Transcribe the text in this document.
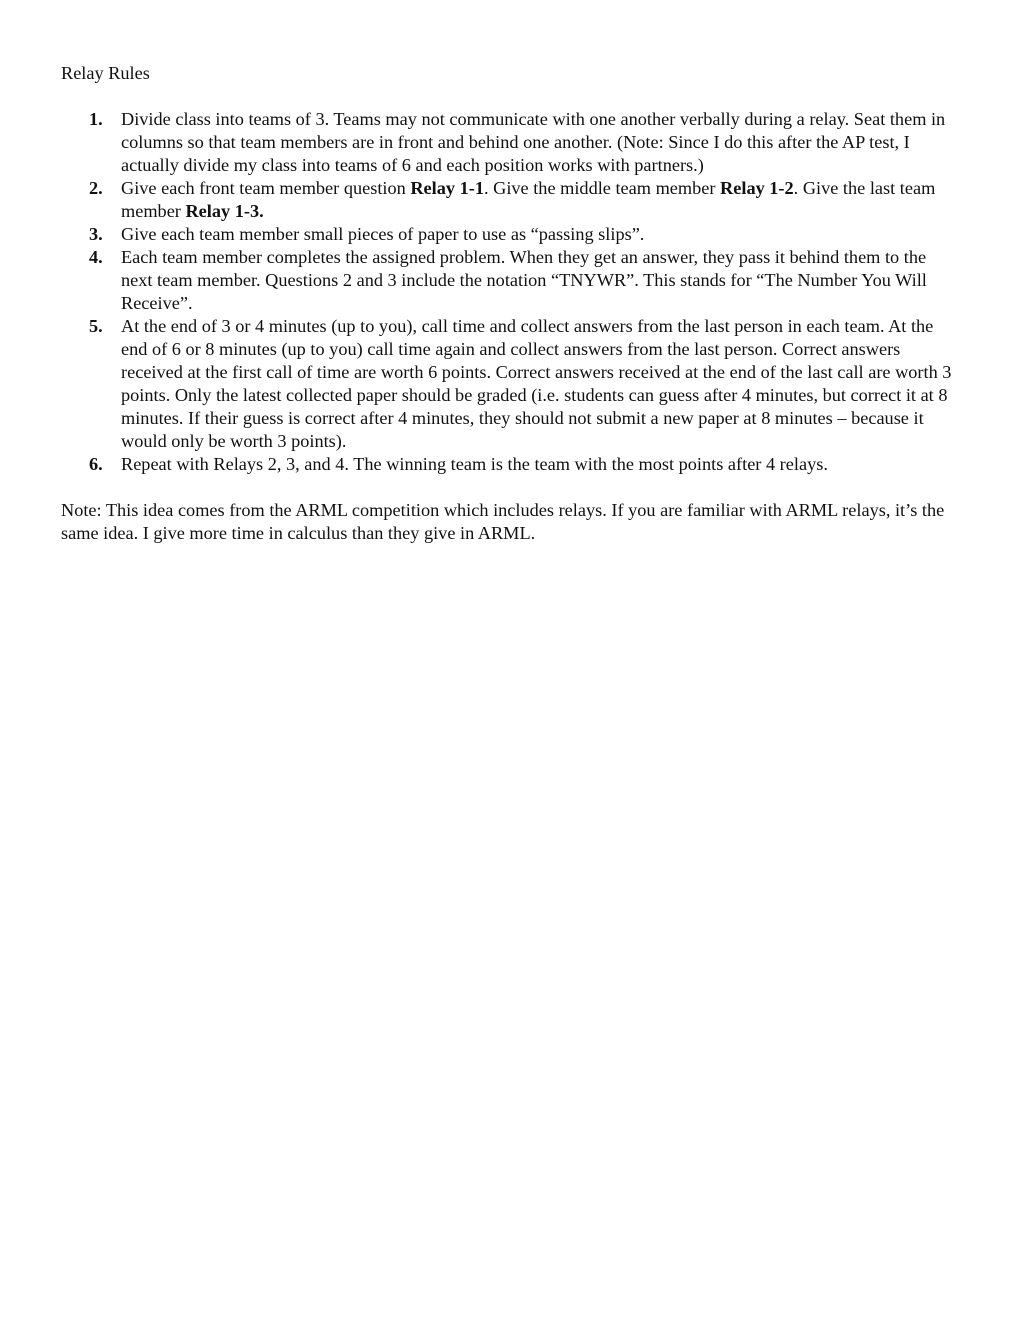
Relay Rules

1. Divide class into teams of 3. Teams may not communicate with one another verbally during a relay. Seat them in columns so that team members are in front and behind one another. (Note: Since I do this after the AP test, I actually divide my class into teams of 6 and each position works with partners.)
2. Give each front team member question Relay 1-1. Give the middle team member Relay 1-2. Give the last team member Relay 1-3.
3. Give each team member small pieces of paper to use as “passing slips”.
4. Each team member completes the assigned problem. When they get an answer, they pass it behind them to the next team member. Questions 2 and 3 include the notation “TNYWR”. This stands for “The Number You Will Receive”.
5. At the end of 3 or 4 minutes (up to you), call time and collect answers from the last person in each team. At the end of 6 or 8 minutes (up to you) call time again and collect answers from the last person. Correct answers received at the first call of time are worth 6 points. Correct answers received at the end of the last call are worth 3 points. Only the latest collected paper should be graded (i.e. students can guess after 4 minutes, but correct it at 8 minutes. If their guess is correct after 4 minutes, they should not submit a new paper at 8 minutes – because it would only be worth 3 points).
6. Repeat with Relays 2, 3, and 4. The winning team is the team with the most points after 4 relays.

Note: This idea comes from the ARML competition which includes relays. If you are familiar with ARML relays, it’s the same idea. I give more time in calculus than they give in ARML.
